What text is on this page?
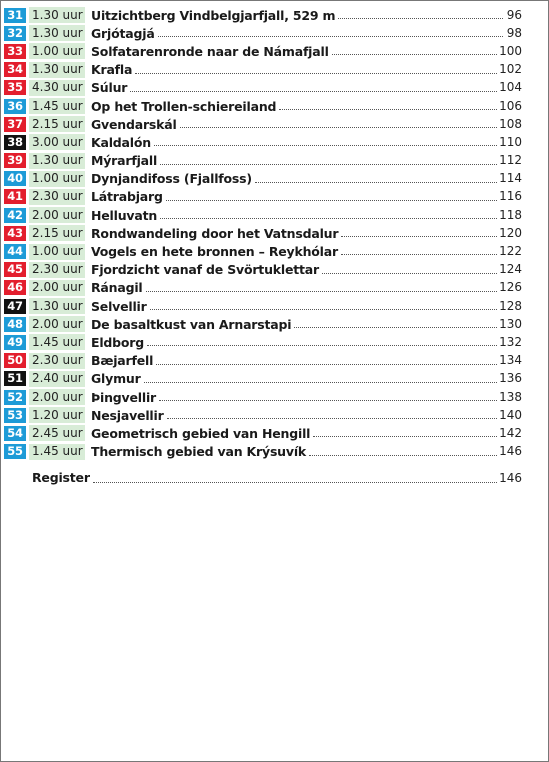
31 1.30 uur Uitzichtberg Vindbelgjarfjall, 529 m	96
32 1.30 uur Grjótagjá	98
33 1.00 uur Solfatarenronde naar de Námafjall	100
34 1.30 uur Krafla	102
35 4.30 uur Súlur	104
36 1.45 uur Op het Trollen-schiereiland	106
37 2.15 uur Gvendarskál	108
38 3.00 uur Kaldalón	110
39 1.30 uur Mýrarfjall	112
40 1.00 uur Dynjandifoss (Fjallfoss)	114
41 2.30 uur Látrabjarg	116
42 2.00 uur Helluvatn	118
43 2.15 uur Rondwandeling door het Vatnsdalur	120
44 1.00 uur Vogels en hete bronnen – Reykhólar	122
45 2.30 uur Fjordzicht vanaf de Svörtuklettar	124
46 2.00 uur Ránagil	126
47 1.30 uur Selvellir	128
48 2.00 uur De basaltkust van Arnarstapi	130
49 1.45 uur Eldborg	132
50 2.30 uur Bæjarfell	134
51 2.40 uur Glymur	136
52 2.00 uur Þingvellir	138
53 1.20 uur Nesjavellir	140
54 2.45 uur Geometrisch gebied van Hengill	142
55 1.45 uur Thermisch gebied van Krýsuvík	146
Register	146
